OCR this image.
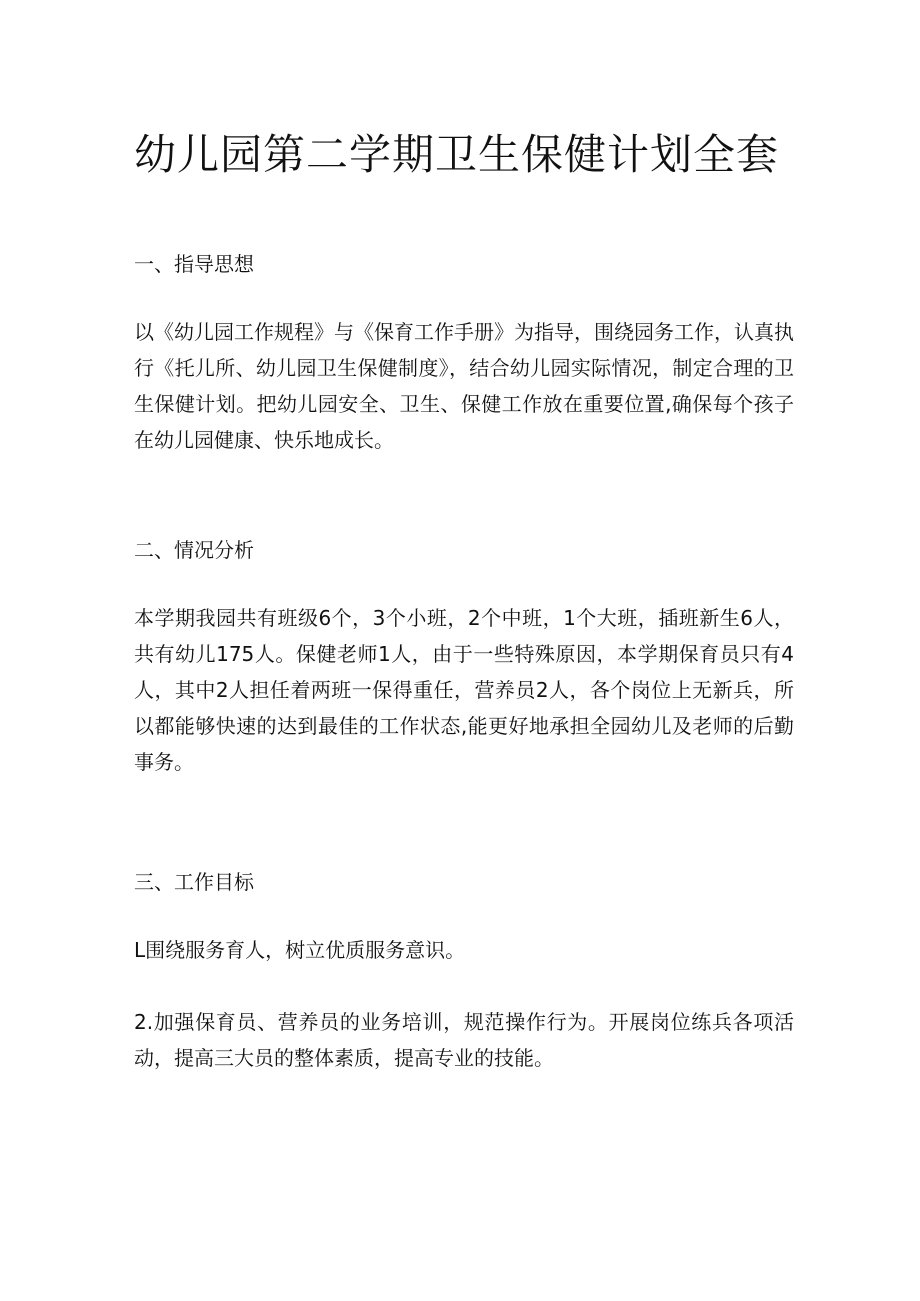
幼儿园第二学期卫生保健计划全套
一、指导思想

以《幼儿园工作规程》与《保育工作手册》为指导，围绕园务工作，认真执行《托儿所、幼儿园卫生保健制度》，结合幼儿园实际情况，制定合理的卫生保健计划。把幼儿园安全、卫生、保健工作放在重要位置,确保每个孩子在幼儿园健康、快乐地成长。

二、情况分析

本学期我园共有班级6个，3个小班，2个中班，1个大班，插班新生6人，共有幼儿175人。保健老师1人，由于一些特殊原因，本学期保育员只有4人，其中2人担任着两班一保得重任，营养员2人，各个岗位上无新兵，所以都能够快速的达到最佳的工作状态,能更好地承担全园幼儿及老师的后勤事务。

三、工作目标

L围绕服务育人，树立优质服务意识。

2.加强保育员、营养员的业务培训，规范操作行为。开展岗位练兵各项活动，提高三大员的整体素质，提高专业的技能。
